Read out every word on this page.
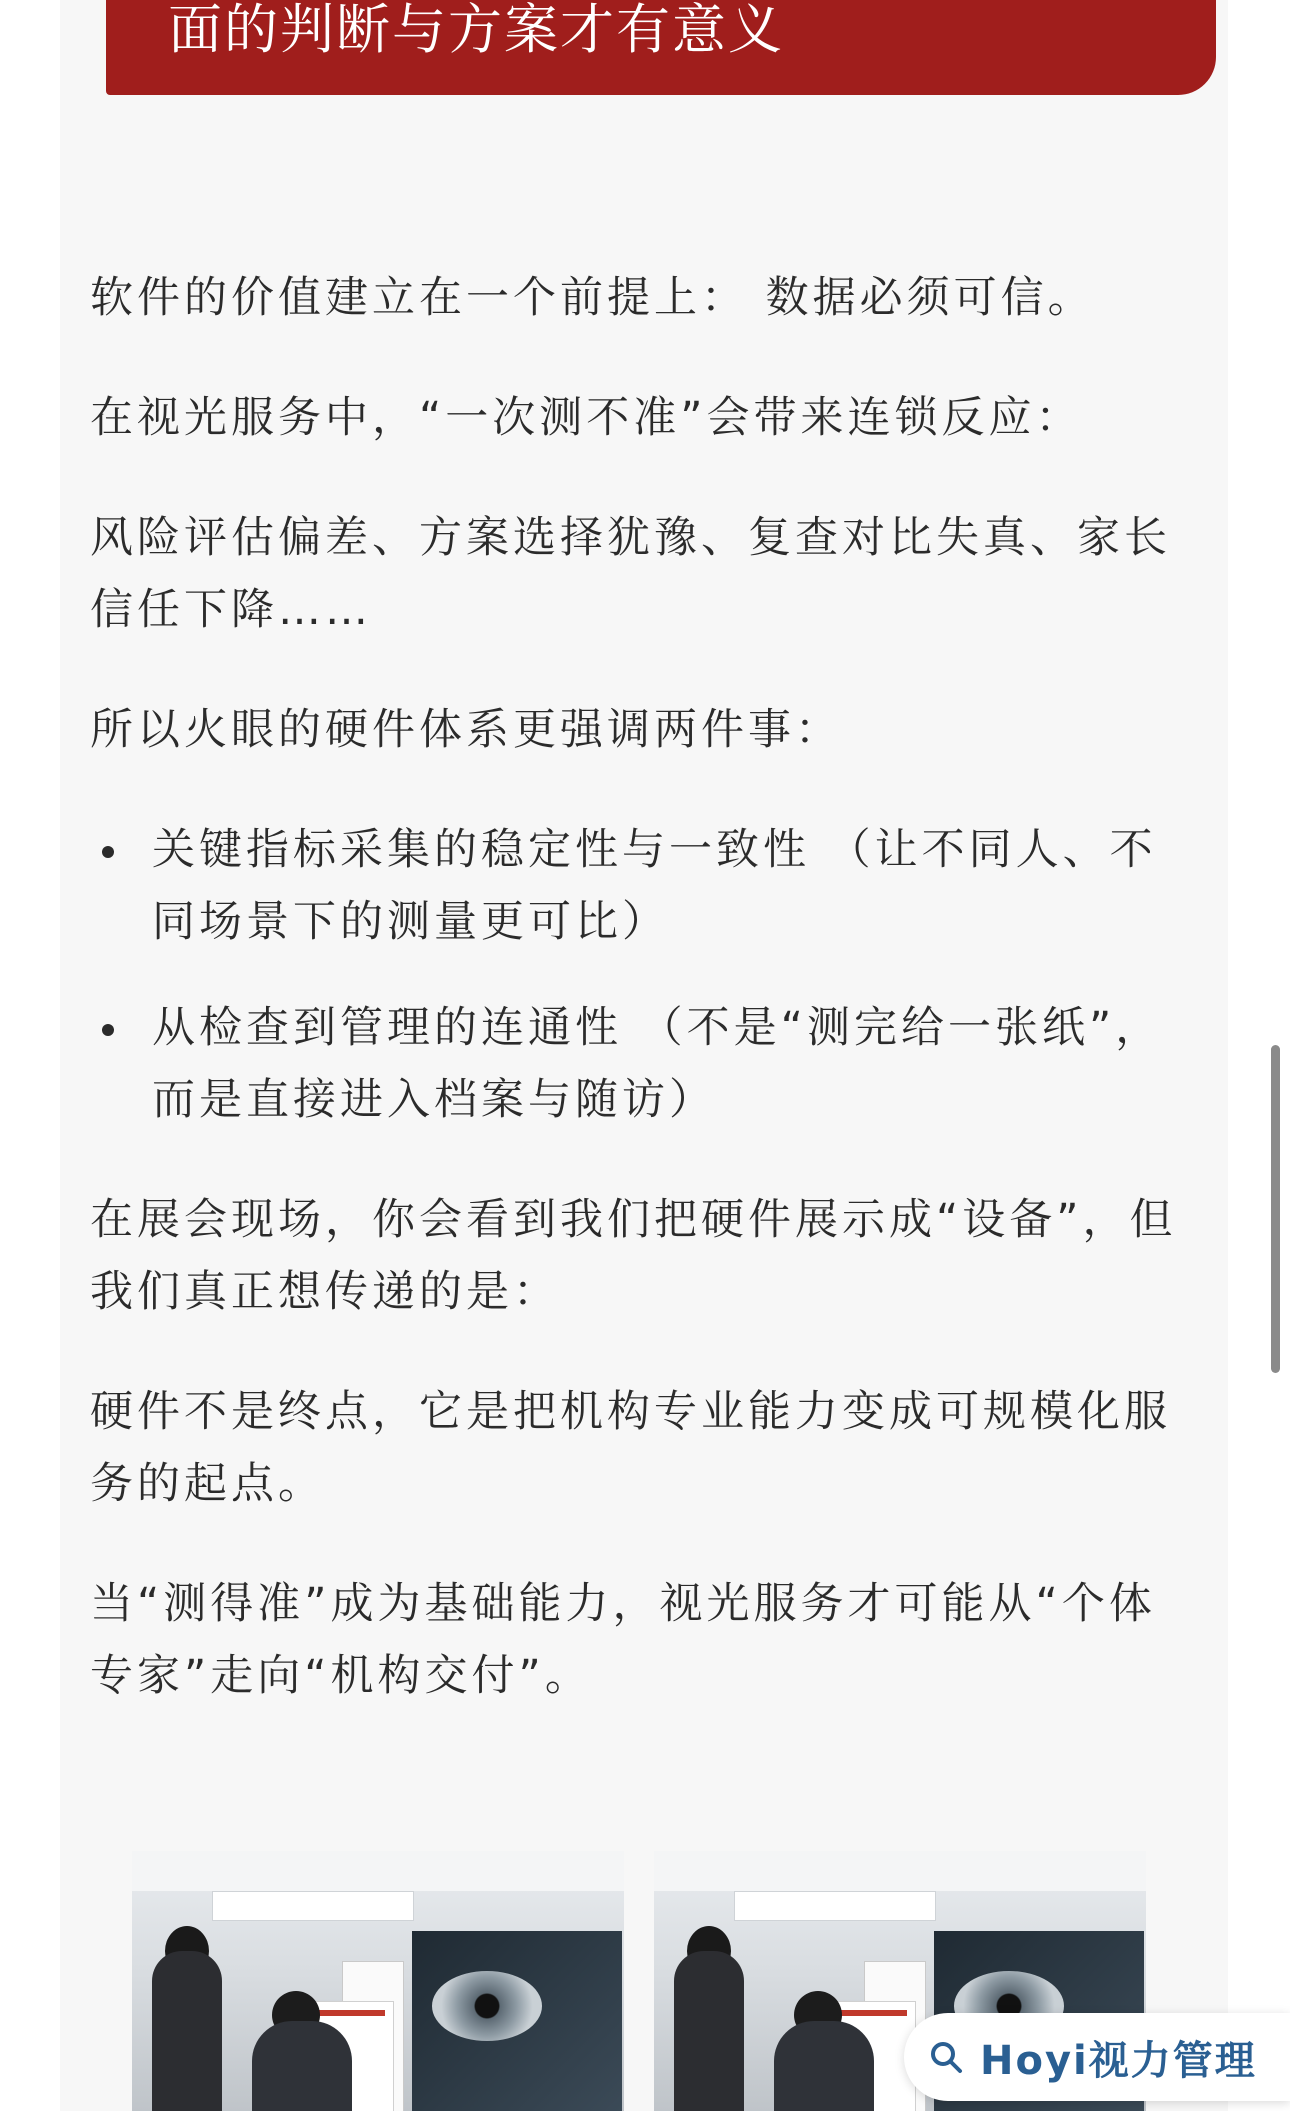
面的判断与方案才有意义

软件的价值建立在一个前提上： 数据必须可信。

在视光服务中，“一次测不准”会带来连锁反应：

风险评估偏差、方案选择犹豫、复查对比失真、家长信任下降……

所以火眼的硬件体系更强调两件事：

关键指标采集的稳定性与一致性 （让不同人、不同场景下的测量更可比）
从检查到管理的连通性 （不是“测完给一张纸”，而是直接进入档案与随访）

在展会现场，你会看到我们把硬件展示成“设备”，但我们真正想传递的是：

硬件不是终点，它是把机构专业能力变成可规模化服务的起点。

当“测得准”成为基础能力，视光服务才可能从“个体专家”走向“机构交付”。

Hoyi视力管理
